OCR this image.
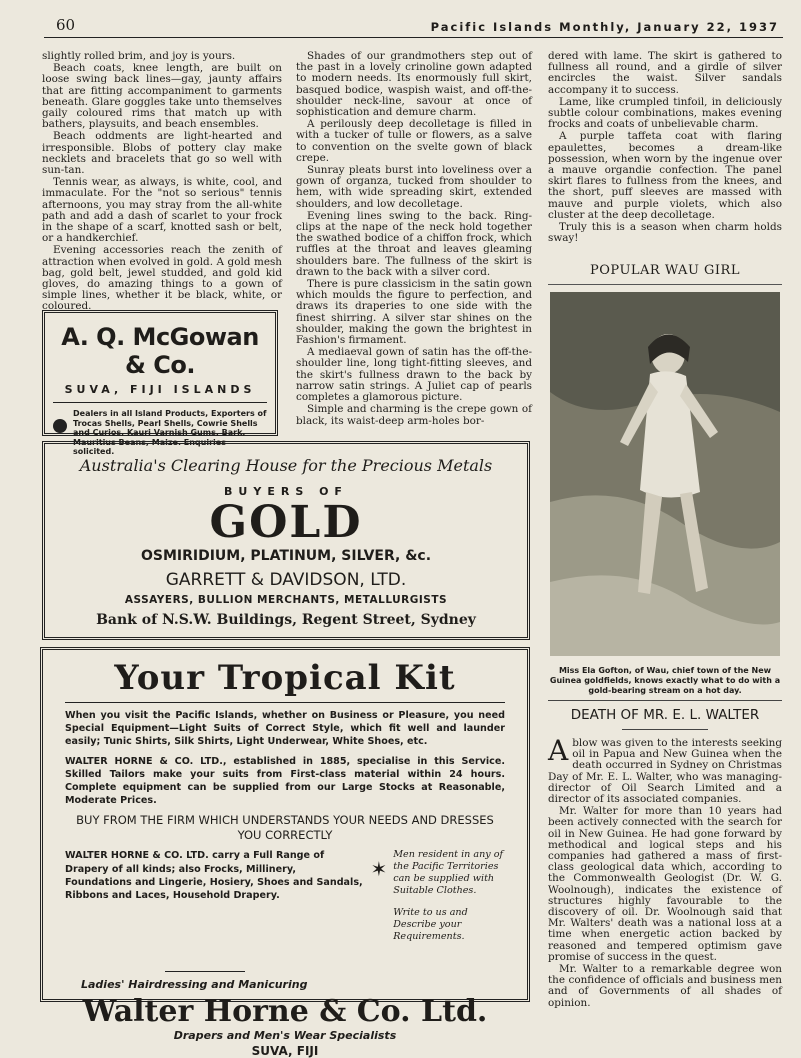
60	Pacific Islands Monthly, January 22, 1937

slightly rolled brim, and joy is yours.

Beach coats, knee length, are built on loose swing back lines—gay, jaunty affairs that are fitting accompaniment to garments beneath. Glare goggles take unto themselves gaily coloured rims that match up with bathers, playsuits, and beach ensembles.

Beach oddments are light-hearted and irresponsible. Blobs of pottery clay make necklets and bracelets that go so well with sun-tan.

Tennis wear, as always, is white, cool, and immaculate. For the "not so serious" tennis afternoons, you may stray from the all-white path and add a dash of scarlet to your frock in the shape of a scarf, knotted sash or belt, or a handkerchief.

Evening accessories reach the zenith of attraction when evolved in gold. A gold mesh bag, gold belt, jewel studded, and gold kid gloves, do amazing things to a gown of simple lines, whether it be black, white, or coloured.

A. Q. McGowan & Co.
SUVA, FIJI ISLANDS
Dealers in all Island Products, Exporters of Trocas Shells, Pearl Shells, Cowrie Shells and Curios, Kauri Varnish Gums, Bark, Mauritius Beans, Maize. Enquiries solicited.

Shades of our grandmothers step out of the past in a lovely crinoline gown adapted to modern needs. Its enormously full skirt, basqued bodice, waspish waist, and off-the-shoulder neck-line, savour at once of sophistication and demure charm.

A perilously deep decolletage is filled in with a tucker of tulle or flowers, as a salve to convention on the svelte gown of black crepe.

Sunray pleats burst into loveliness over a gown of organza, tucked from shoulder to hem, with wide spreading skirt, extended shoulders, and low decolletage.

Evening lines swing to the back. Ring-clips at the nape of the neck hold together the swathed bodice of a chiffon frock, which ruffles at the throat and leaves gleaming shoulders bare. The fullness of the skirt is drawn to the back with a silver cord.

There is pure classicism in the satin gown which moulds the figure to perfection, and draws its draperies to one side with the finest shirring. A silver star shines on the shoulder, making the gown the brightest in Fashion's firmament.

A mediaeval gown of satin has the off-the-shoulder line, long tight-fitting sleeves, and the skirt's fullness drawn to the back by narrow satin strings. A Juliet cap of pearls completes a glamorous picture.

Simple and charming is the crepe gown of black, its waist-deep arm-holes bor-

dered with lame. The skirt is gathered to fullness all round, and a girdle of silver encircles the waist. Silver sandals accompany it to success.

Lame, like crumpled tinfoil, in deliciously subtle colour combinations, makes evening frocks and coats of unbelievable charm.

A purple taffeta coat with flaring epaulettes, becomes a dream-like possession, when worn by the ingenue over a mauve organdie confection. The panel skirt flares to fullness from the knees, and the short, puff sleeves are massed with mauve and purple violets, which also cluster at the deep decolletage.

Truly this is a season when charm holds sway!

POPULAR WAU GIRL
Miss Ela Gofton, of Wau, chief town of the New Guinea goldfields, knows exactly what to do with a gold-bearing stream on a hot day.
DEATH OF MR. E. L. WALTER

Ablow was given to the interests seeking oil in Papua and New Guinea when the death occurred in Sydney on Christmas Day of Mr. E. L. Walter, who was managing-director of Oil Search Limited and a director of its associated companies.

Mr. Walter for more than 10 years had been actively connected with the search for oil in New Guinea. He had gone forward by methodical and logical steps and his companies had gathered a mass of first-class geological data which, according to the Commonwealth Geologist (Dr. W. G. Woolnough), indicates the existence of structures highly favourable to the discovery of oil. Dr. Woolnough said that Mr. Walters' death was a national loss at a time when energetic action backed by reasoned and tempered optimism gave promise of success in the quest.

Mr. Walter to a remarkable degree won the confidence of officials and business men and of Governments of all shades of opinion.

Australia's Clearing House for the Precious Metals
BUYERS OF
GOLD
OSMIRIDIUM, PLATINUM, SILVER, &c.
GARRETT & DAVIDSON, LTD.
ASSAYERS, BULLION MERCHANTS, METALLURGISTS
Bank of N.S.W. Buildings, Regent Street, Sydney
Your Tropical Kit
When you visit the Pacific Islands, whether on Business or Pleasure, you need Special Equipment—Light Suits of Correct Style, which fit well and launder easily; Tunic Shirts, Silk Shirts, Light Underwear, White Shoes, etc.
WALTER HORNE & CO. LTD., established in 1885, specialise in this Service. Skilled Tailors make your suits from First-class material within 24 hours. Complete equipment can be supplied from our Large Stocks at Reasonable, Moderate Prices.
BUY FROM THE FIRM WHICH UNDERSTANDS YOUR NEEDS AND DRESSES YOU CORRECTLY
WALTER HORNE & CO. LTD. carry a Full Range of Drapery of all kinds; also Frocks, Millinery, Foundations and Lingerie, Hosiery, Shoes and Sandals, Ribbons and Laces, Household Drapery.
✶

Men resident in any of the Pacific Territories can be supplied with Suitable Clothes.

Write to us and Describe your Requirements.

Ladies' Hairdressing and Manicuring
Walter Horne & Co. Ltd.
Drapers and Men's Wear Specialists
SUVA, FIJI
